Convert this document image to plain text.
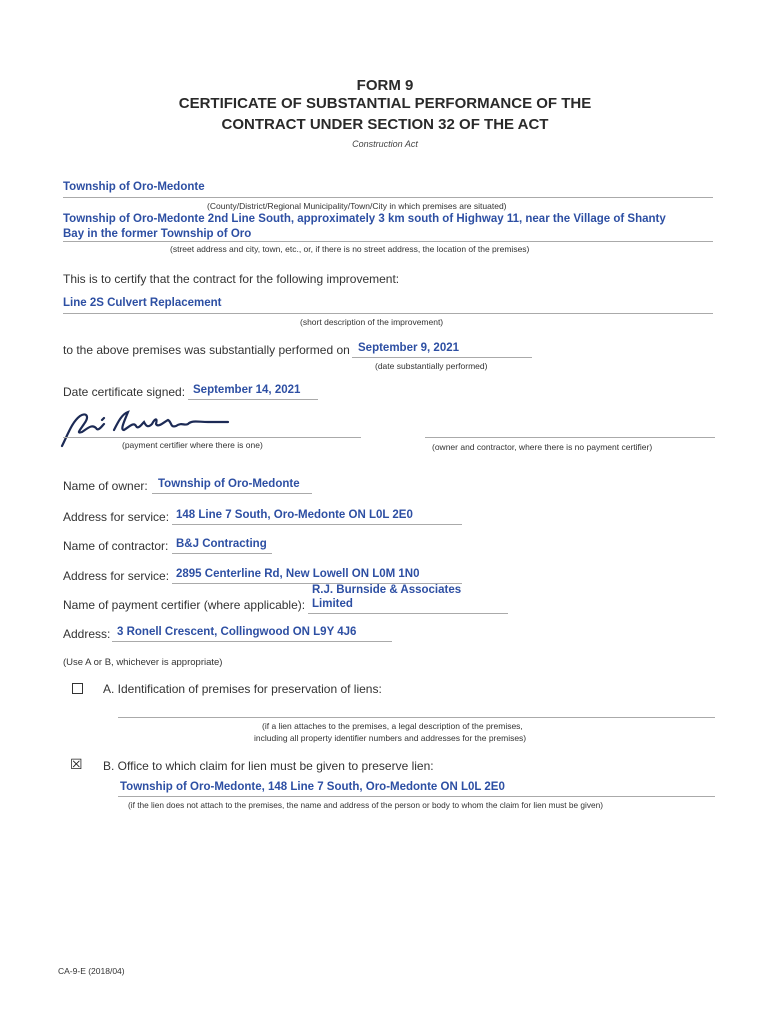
FORM 9
CERTIFICATE OF SUBSTANTIAL PERFORMANCE OF THE
CONTRACT UNDER SECTION 32 OF THE ACT
Construction Act
Township of Oro-Medonte
(County/District/Regional Municipality/Town/City in which premises are situated)
Township of Oro-Medonte 2nd Line South, approximately 3 km south of Highway 11, near the Village of Shanty
Bay in the former Township of Oro
(street address and city, town, etc., or, if there is no street address, the location of the premises)
This is to certify that the contract for the following improvement:
Line 2S Culvert Replacement
(short description of the improvement)
to the above premises was substantially performed on September 9, 2021
(date substantially performed)
Date certificate signed: September 14, 2021
(payment certifier where there is one)	(owner and contractor, where there is no payment certifier)
Name of owner: Township of Oro-Medonte
Address for service: 148 Line 7 South, Oro-Medonte ON L0L 2E0
Name of contractor: B&J Contracting
Address for service: 2895 Centerline Rd, New Lowell ON L0M 1N0
R.J. Burnside & Associates
Name of payment certifier (where applicable): Limited
Address: 3 Ronell Crescent, Collingwood ON L9Y 4J6
(Use A or B, whichever is appropriate)
A. Identification of premises for preservation of liens:
(if a lien attaches to the premises, a legal description of the premises,
including all property identifier numbers and addresses for the premises)
☒ B. Office to which claim for lien must be given to preserve lien:
Township of Oro-Medonte, 148 Line 7 South, Oro-Medonte ON L0L 2E0
(if the lien does not attach to the premises, the name and address of the person or body to whom the claim for lien must be given)
CA-9-E (2018/04)
